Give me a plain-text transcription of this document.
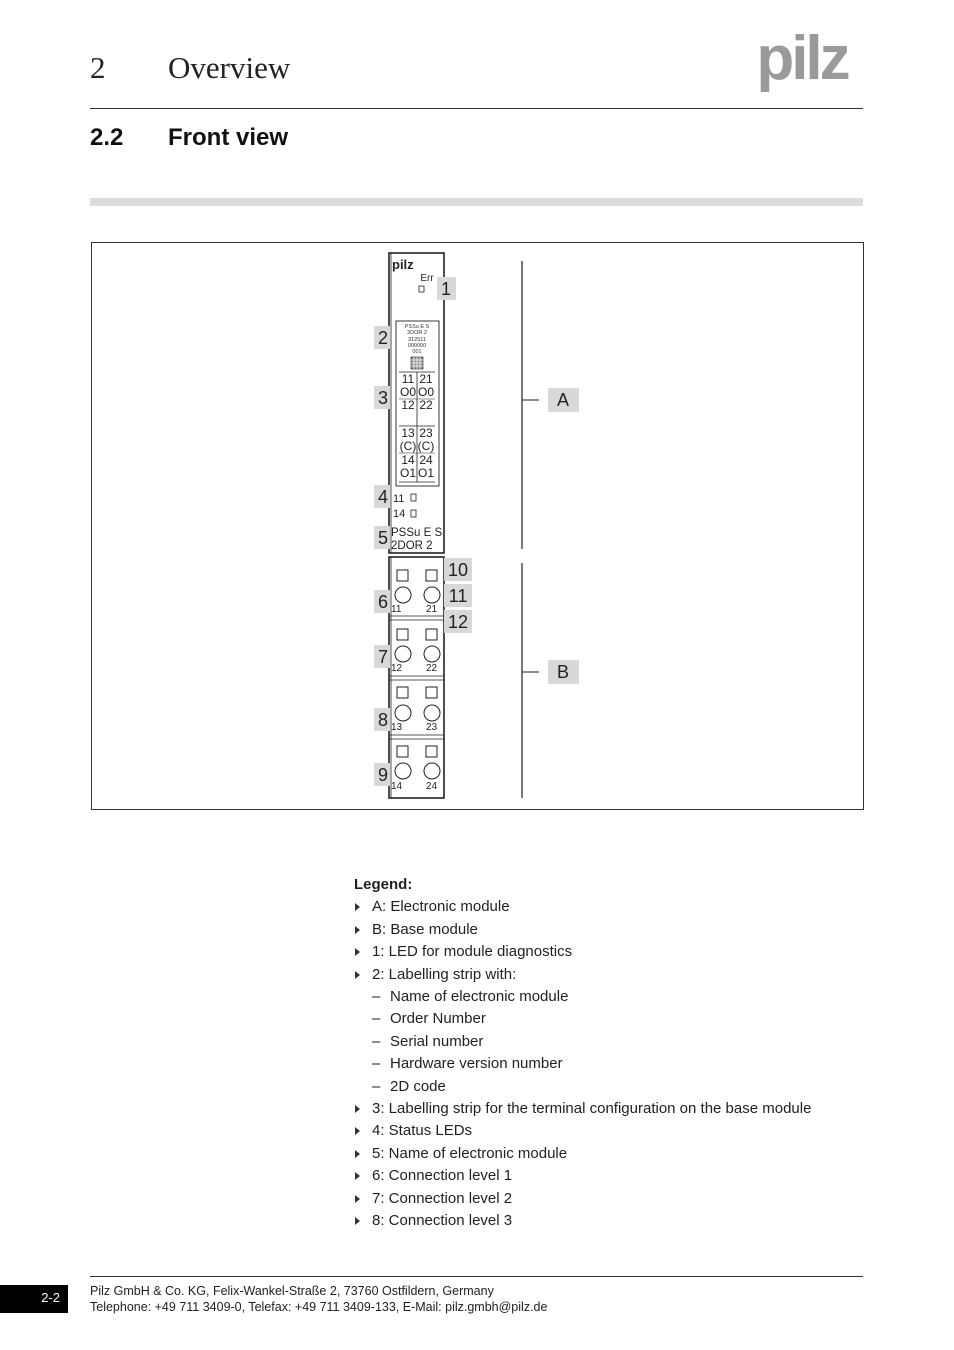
2 Overview	pilz
2.2 Front view
pilz
Err
PSSu E S
2DOR 2
312511
000000
001
11 21
O0 O0
12 22
13 23
(C) (C)
14 24
O1 O1
11
14
PSSu E S
2DOR 2
11 21
12 22
13 23
14 24
1
2
3
4
5
6
7
8
9
10
11
12
A
B
Legend:
A: Electronic module
B: Base module
1: LED for module diagnostics
2: Labelling strip with:
– Name of electronic module
– Order Number
– Serial number
– Hardware version number
– 2D code
3: Labelling strip for the terminal configuration on the base module
4: Status LEDs
5: Name of electronic module
6: Connection level 1
7: Connection level 2
8: Connection level 3
2-2	Pilz GmbH & Co. KG, Felix-Wankel-Straße 2, 73760 Ostfildern, Germany
Telephone: +49 711 3409-0, Telefax: +49 711 3409-133, E-Mail: pilz.gmbh@pilz.de
